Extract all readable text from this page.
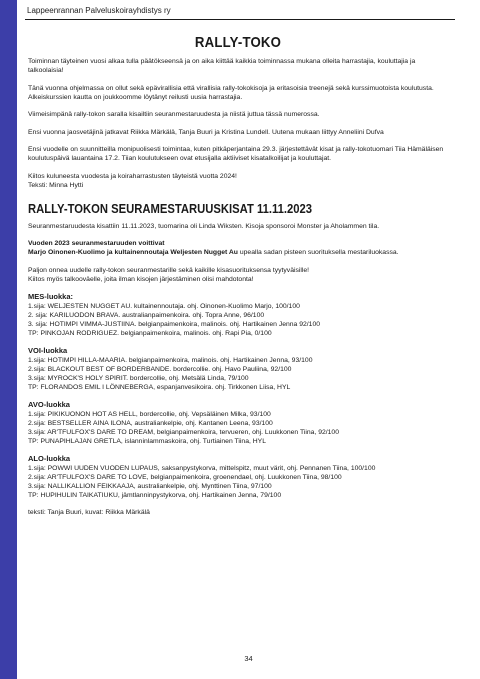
Lappeenrannan Palveluskoirayhdistys ry
RALLY-TOKO

Toiminnan täyteinen vuosi alkaa tulla päätökseensä ja on aika kiittää kaikkia toiminnassa mukana olleita harrastajia, kouluttajia ja talkoolaisia!

Tänä vuonna ohjelmassa on ollut sekä epävirallisia että virallisia rally-tokokisoja ja eritasoisia treenejä sekä kurssimuotoista koulutusta. Alkeiskurssien kautta on joukkoomme löytänyt reilusti uusia harrastajia.

Viimeisimpänä rally-tokon saralla kisailtiin seuranmestaruudesta ja niistä juttua tässä numerossa.

Ensi vuonna jaosvetäjinä jatkavat Riikka Märkälä, Tanja Buuri ja Kristina Lundell. Uutena mukaan liittyy Anneliini Dufva

Ensi vuodelle on suunnitteilla monipuolisesti toimintaa, kuten pitkäperjantaina 29.3. järjestettävät kisat ja rally-tokotuomari Tiia Hämäläisen koulutuspäivä lauantaina 17.2. Tiian koulutukseen ovat etusijalla aktiiviset kisatalkoilijat ja kouluttajat.

Kiitos kuluneesta vuodesta ja koiraharrastusten täyteistä vuotta 2024!

Teksti: Minna Hytti

RALLY-TOKON SEURAMESTARUUSKISAT 11.11.2023

Seuranmestaruudesta kisattiin 11.11.2023, tuomarina oli Linda Wiksten. Kisoja sponsoroi Monster ja Aholammen tila.

Vuoden 2023 seuranmestaruuden voittivat
Marjo Oinonen-Kuolimo ja kultainennoutaja Weljesten Nugget Au upealla sadan pisteen suorituksella mestariluokassa.

Paljon onnea uudelle rally-tokon seuranmestarille sekä kaikille kisasuorituksensa tyytyväisille!
Kiitos myös talkooväelle, joita ilman kisojen järjestäminen olisi mahdotonta!

MES-luokka:
1.sija: WELJESTEN NUGGET AU. kultainennoutaja. ohj. Oinonen-Kuolimo Marjo, 100/100
2. sija: KARILUODON BRAVA. australianpaimenkoira. ohj. Topra Anne, 96/100
3. sija: HOTIMPI VIMMA-JUSTIINA. belgianpaimenkoira, malinois. ohj. Hartikainen Jenna 92/100
TP: PINKOJAN RODRIGUEZ. belgianpaimenkoira, malinois. ohj. Rapi Pia, 0/100
VOI-luokka
1.sija: HOTIMPI HILLA-MAARIA. belgianpaimenkoira, malinois. ohj. Hartikainen Jenna, 93/100
2.sija: BLACKOUT BEST OF BORDERBANDE. bordercollie. ohj. Havo Pauliina, 92/100
3.sija: MYROCK'S HOLY SPIRIT. bordercollie, ohj. Metsälä Linda, 79/100
TP: FLORANDOS EMIL I LÖNNEBERGA, espanjanvesikoira. ohj. Tirkkonen Liisa, HYL
AVO-luokka
1.sija: PIKIKUONON HOT AS HELL, bordercollie, ohj. Vepsäläinen Milka, 93/100
2.sija: BESTSELLER AINA ILONA, australiankelpie, ohj. Kantanen Leena, 93/100
3.sija: AR'TFULFOX'S DARE TO DREAM, belgianpaimenkoira, tervueren, ohj. Luukkonen Tiina, 92/100
TP: PUNAPIHLAJAN GRETLA, islanninlammaskoira, ohj. Turtiainen Tiina, HYL
ALO-luokka
1.sija: POWWI UUDEN VUODEN LUPAUS, saksanpystykorva, mittelspitz, muut värit, ohj. Pennanen Tiina, 100/100
2.sija: AR'TFULFOX'S DARE TO LOVE, belgianpaimenkoira, groenendael, ohj. Luukkonen Tiina, 98/100
3.sija: NALLIKALLION FEIKKAAJA, australiankelpie, ohj. Mynttinen Tiina, 97/100
TP: HUPIHULIN TAIKATIUKU, jämtlanninpystykorva, ohj. Hartikainen Jenna, 79/100

teksti: Tanja Buuri, kuvat: Riikka Märkälä

34
